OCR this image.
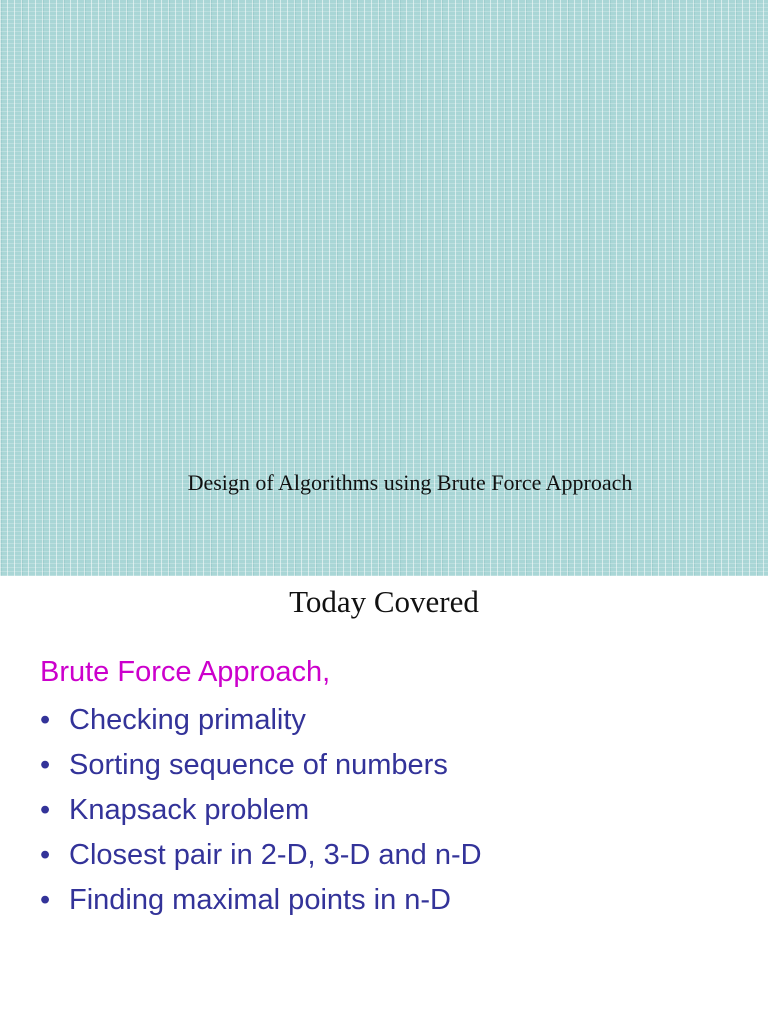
Design of Algorithms using Brute Force Approach
Today Covered

Brute Force Approach,

• Checking primality
• Sorting sequence of numbers
• Knapsack problem
• Closest pair in 2-D, 3-D and n-D
• Finding maximal points in n-D
